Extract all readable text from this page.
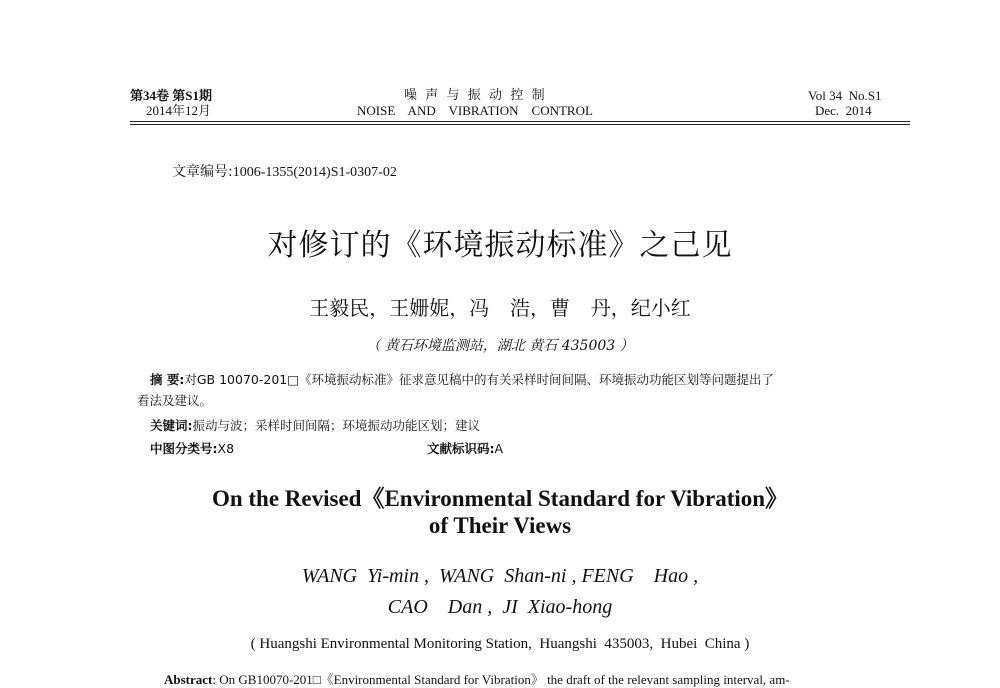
第34卷 第S1期
2014年12月
噪  声  与  振  动  控  制
NOISE    AND    VIBRATION    CONTROL
Vol 34  No.S1
Dec.  2014
文章编号:1006-1355(2014)S1-0307-02
对修订的《环境振动标准》之己见
王毅民，王姗妮，冯  浩，曹  丹，纪小红
（ 黄石环境监测站，湖北 黄石 435003 ）
摘 要:对GB 10070-201□《环境振动标准》征求意见稿中的有关采样时间间隔、环境振动功能区划等问题提出了
看法及建议。
关键词:振动与波；采样时间间隔；环境振动功能区划；建议
中图分类号:X8	文献标识码:A
On the Revised《Environmental Standard for Vibration》
of Their Views
WANG  Yi-min ,  WANG  Shan-ni , FENG    Hao ,
CAO    Dan ,  JI  Xiao-hong
( Huangshi Environmental Monitoring Station,  Huangshi  435003,  Hubei  China )
Abstract: On GB10070-201□《Environmental Standard for Vibration》 the draft of the relevant sampling interval, am-
